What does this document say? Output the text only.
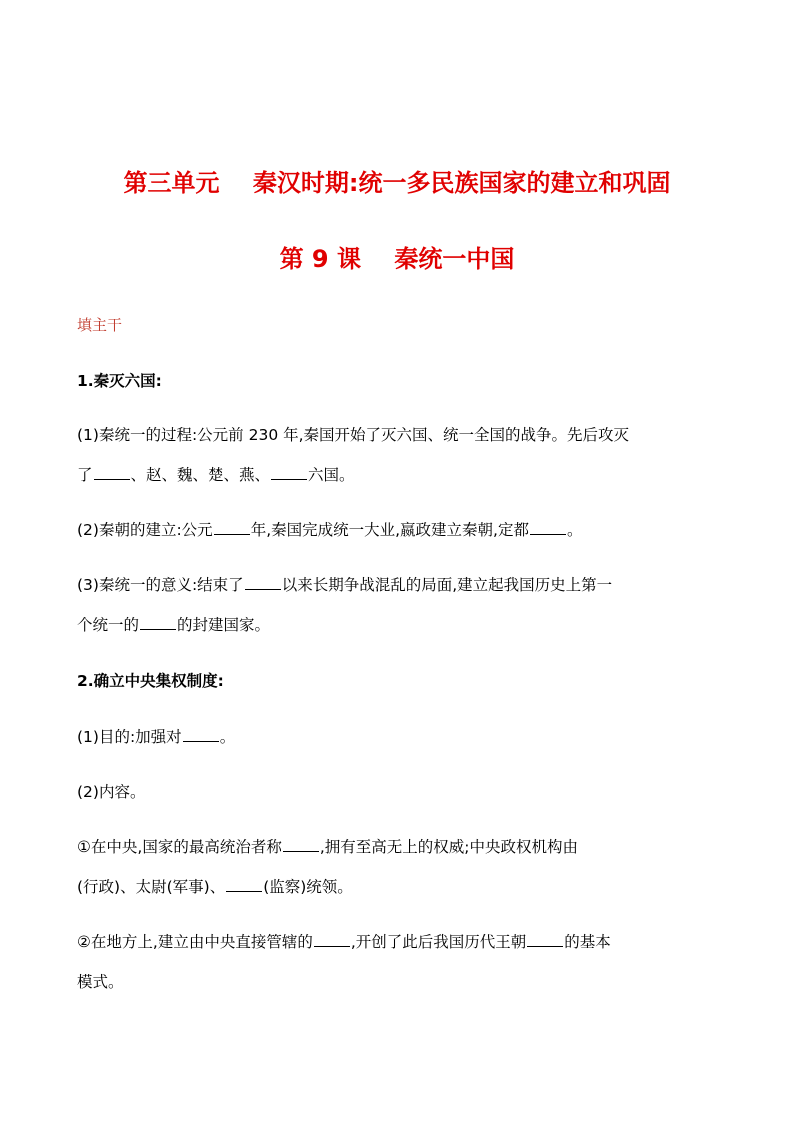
第三单元    秦汉时期:统一多民族国家的建立和巩固
第 9 课    秦统一中国
填主干
1.秦灭六国:
(1)秦统一的过程:公元前 230 年,秦国开始了灭六国、统一全国的战争。先后攻灭
了 、赵、魏、楚、燕、 六国。
(2)秦朝的建立:公元 年,秦国完成统一大业,嬴政建立秦朝,定都 。
(3)秦统一的意义:结束了 以来长期争战混乱的局面,建立起我国历史上第一
个统一的 的封建国家。
2.确立中央集权制度:
(1)目的:加强对 。
(2)内容。
①在中央,国家的最高统治者称 ,拥有至高无上的权威;中央政权机构由
(行政)、太尉(军事)、 (监察)统领。
②在地方上,建立由中央直接管辖的 ,开创了此后我国历代王朝 的基本
模式。
